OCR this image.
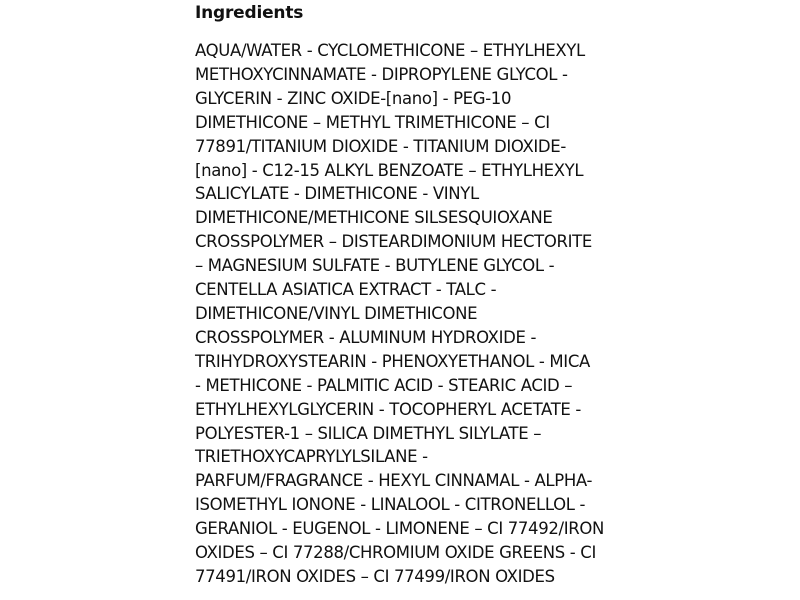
Ingredients
AQUA/WATER - CYCLOMETHICONE – ETHYLHEXYL
METHOXYCINNAMATE - DIPROPYLENE GLYCOL -
GLYCERIN - ZINC OXIDE-[nano] - PEG-10
DIMETHICONE – METHYL TRIMETHICONE – CI
77891/TITANIUM DIOXIDE - TITANIUM DIOXIDE-
[nano] - C12-15 ALKYL BENZOATE – ETHYLHEXYL
SALICYLATE - DIMETHICONE - VINYL
DIMETHICONE/METHICONE SILSESQUIOXANE
CROSSPOLYMER – DISTEARDIMONIUM HECTORITE
– MAGNESIUM SULFATE - BUTYLENE GLYCOL -
CENTELLA ASIATICA EXTRACT - TALC -
DIMETHICONE/VINYL DIMETHICONE
CROSSPOLYMER - ALUMINUM HYDROXIDE -
TRIHYDROXYSTEARIN - PHENOXYETHANOL - MICA
- METHICONE - PALMITIC ACID - STEARIC ACID –
ETHYLHEXYLGLYCERIN - TOCOPHERYL ACETATE -
POLYESTER-1 – SILICA DIMETHYL SILYLATE –
TRIETHOXYCAPRYLYLSILANE -
PARFUM/FRAGRANCE - HEXYL CINNAMAL - ALPHA-
ISOMETHYL IONONE - LINALOOL - CITRONELLOL -
GERANIOL - EUGENOL - LIMONENE – CI 77492/IRON
OXIDES – CI 77288/CHROMIUM OXIDE GREENS - CI
77491/IRON OXIDES – CI 77499/IRON OXIDES
